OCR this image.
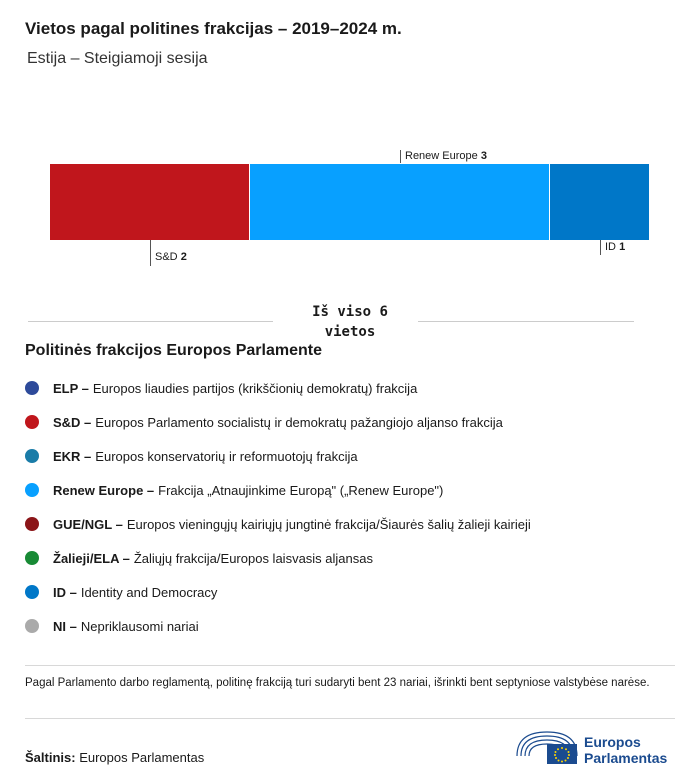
Vietos pagal politines frakcijas – 2019–2024 m.
Estija – Steigiamoji sesija
S&D 2
Renew Europe 3
ID 1
Iš viso 6 vietos
Politinės frakcijos Europos Parlamente
ELP – Europos liaudies partijos (krikščionių demokratų) frakcija
S&D – Europos Parlamento socialistų ir demokratų pažangiojo aljanso frakcija
EKR – Europos konservatorių ir reformuotojų frakcija
Renew Europe – Frakcija „Atnaujinkime Europą" („Renew Europe")
GUE/NGL – Europos vieningųjų kairiųjų jungtinė frakcija/Šiaurės šalių žalieji kairieji
Žalieji/ELA – Žaliųjų frakcija/Europos laisvasis aljansas
ID – Identity and Democracy
NI – Nepriklausomi nariai
Pagal Parlamento darbo reglamentą, politinę frakciją turi sudaryti bent 23 nariai, išrinkti bent septyniose valstybėse narėse.
Šaltinis: Europos Parlamentas
Europos
Parlamentas
